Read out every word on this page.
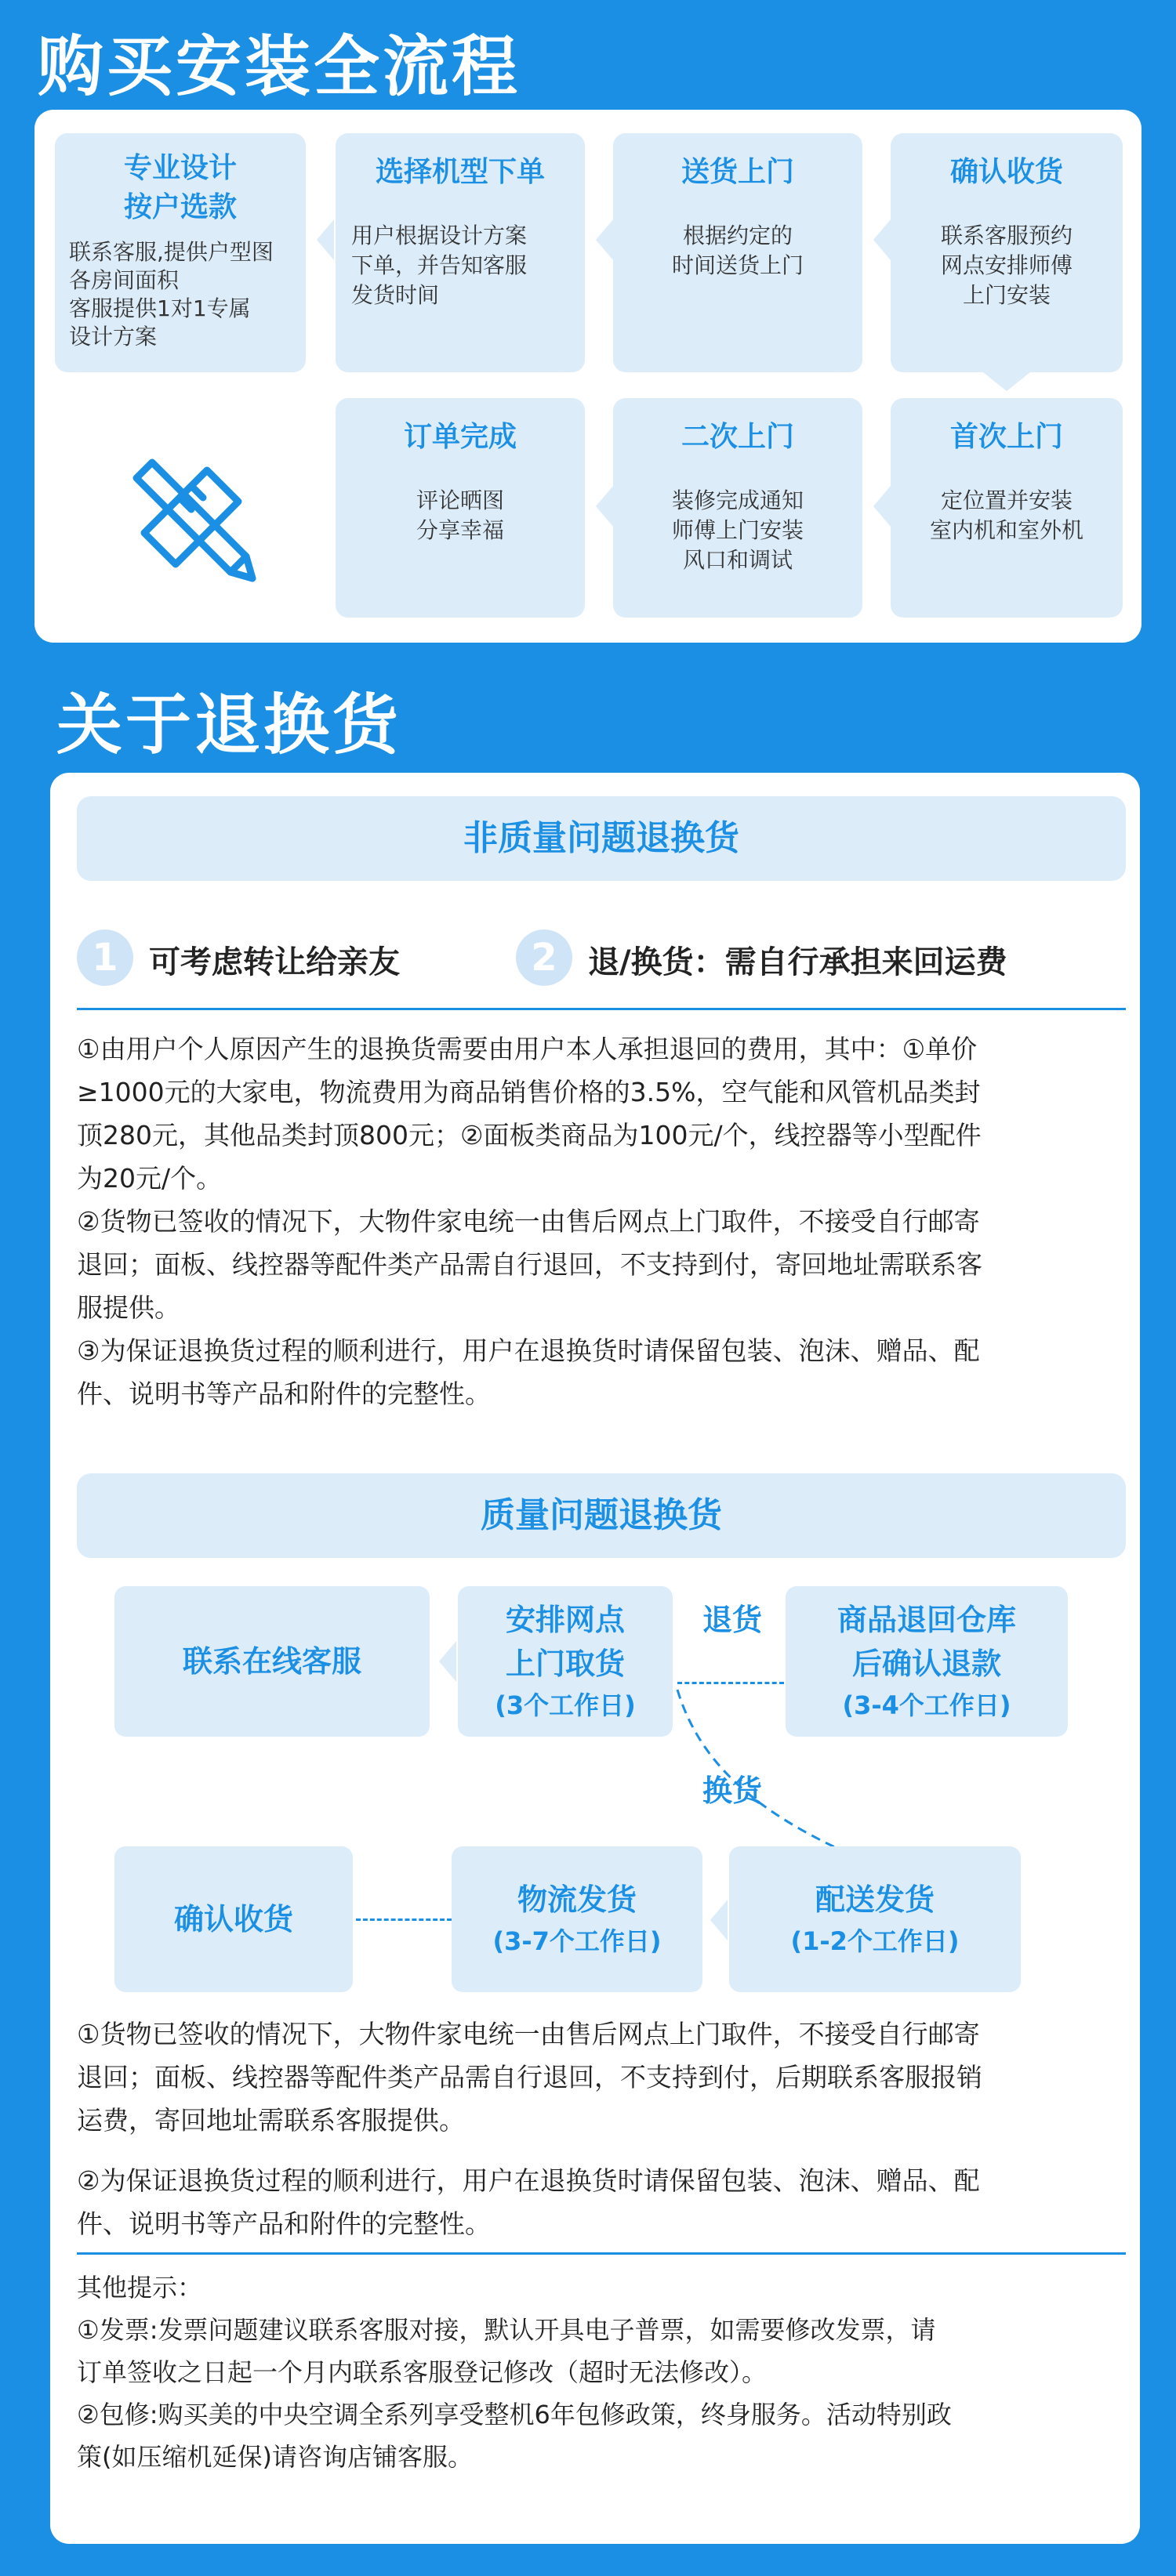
购买安装全流程
专业设计
按户选款
联系客服,提供户型图
各房间面积
客服提供1对1专属
设计方案
选择机型下单
用户根据设计方案
下单，并告知客服
发货时间
送货上门
根据约定的
时间送货上门
确认收货
联系客服预约
网点安排师傅
上门安装
订单完成
评论晒图
分享幸福
二次上门
装修完成通知
师傅上门安装
风口和调试
首次上门
定位置并安装
室内机和室外机
关于退换货
非质量问题退换货
1 可考虑转让给亲友	2 退/换货：需自行承担来回运费

①由用户个人原因产生的退换货需要由用户本人承担退回的费用，其中：①单价
≥1000元的大家电，物流费用为商品销售价格的3.5%，空气能和风管机品类封
顶280元，其他品类封顶800元；②面板类商品为100元/个，线控器等小型配件
为20元/个。

②货物已签收的情况下，大物件家电统一由售后网点上门取件，不接受自行邮寄
退回；面板、线控器等配件类产品需自行退回，不支持到付，寄回地址需联系客
服提供。

③为保证退换货过程的顺利进行，用户在退换货时请保留包装、泡沫、赠品、配
件、说明书等产品和附件的完整性。

质量问题退换货
联系在线客服
安排网点
上门取货
(3个工作日)
退货	商品退回仓库
后确认退款
(3-4个工作日)
换货
确认收货
物流发货
(3-7个工作日)
配送发货
(1-2个工作日)

①货物已签收的情况下，大物件家电统一由售后网点上门取件，不接受自行邮寄
退回；面板、线控器等配件类产品需自行退回，不支持到付，后期联系客服报销
运费，寄回地址需联系客服提供。

②为保证退换货过程的顺利进行，用户在退换货时请保留包装、泡沫、赠品、配
件、说明书等产品和附件的完整性。

其他提示：

①发票:发票问题建议联系客服对接，默认开具电子普票，如需要修改发票，请
订单签收之日起一个月内联系客服登记修改（超时无法修改）。

②包修:购买美的中央空调全系列享受整机6年包修政策，终身服务。活动特别政
策(如压缩机延保)请咨询店铺客服。
